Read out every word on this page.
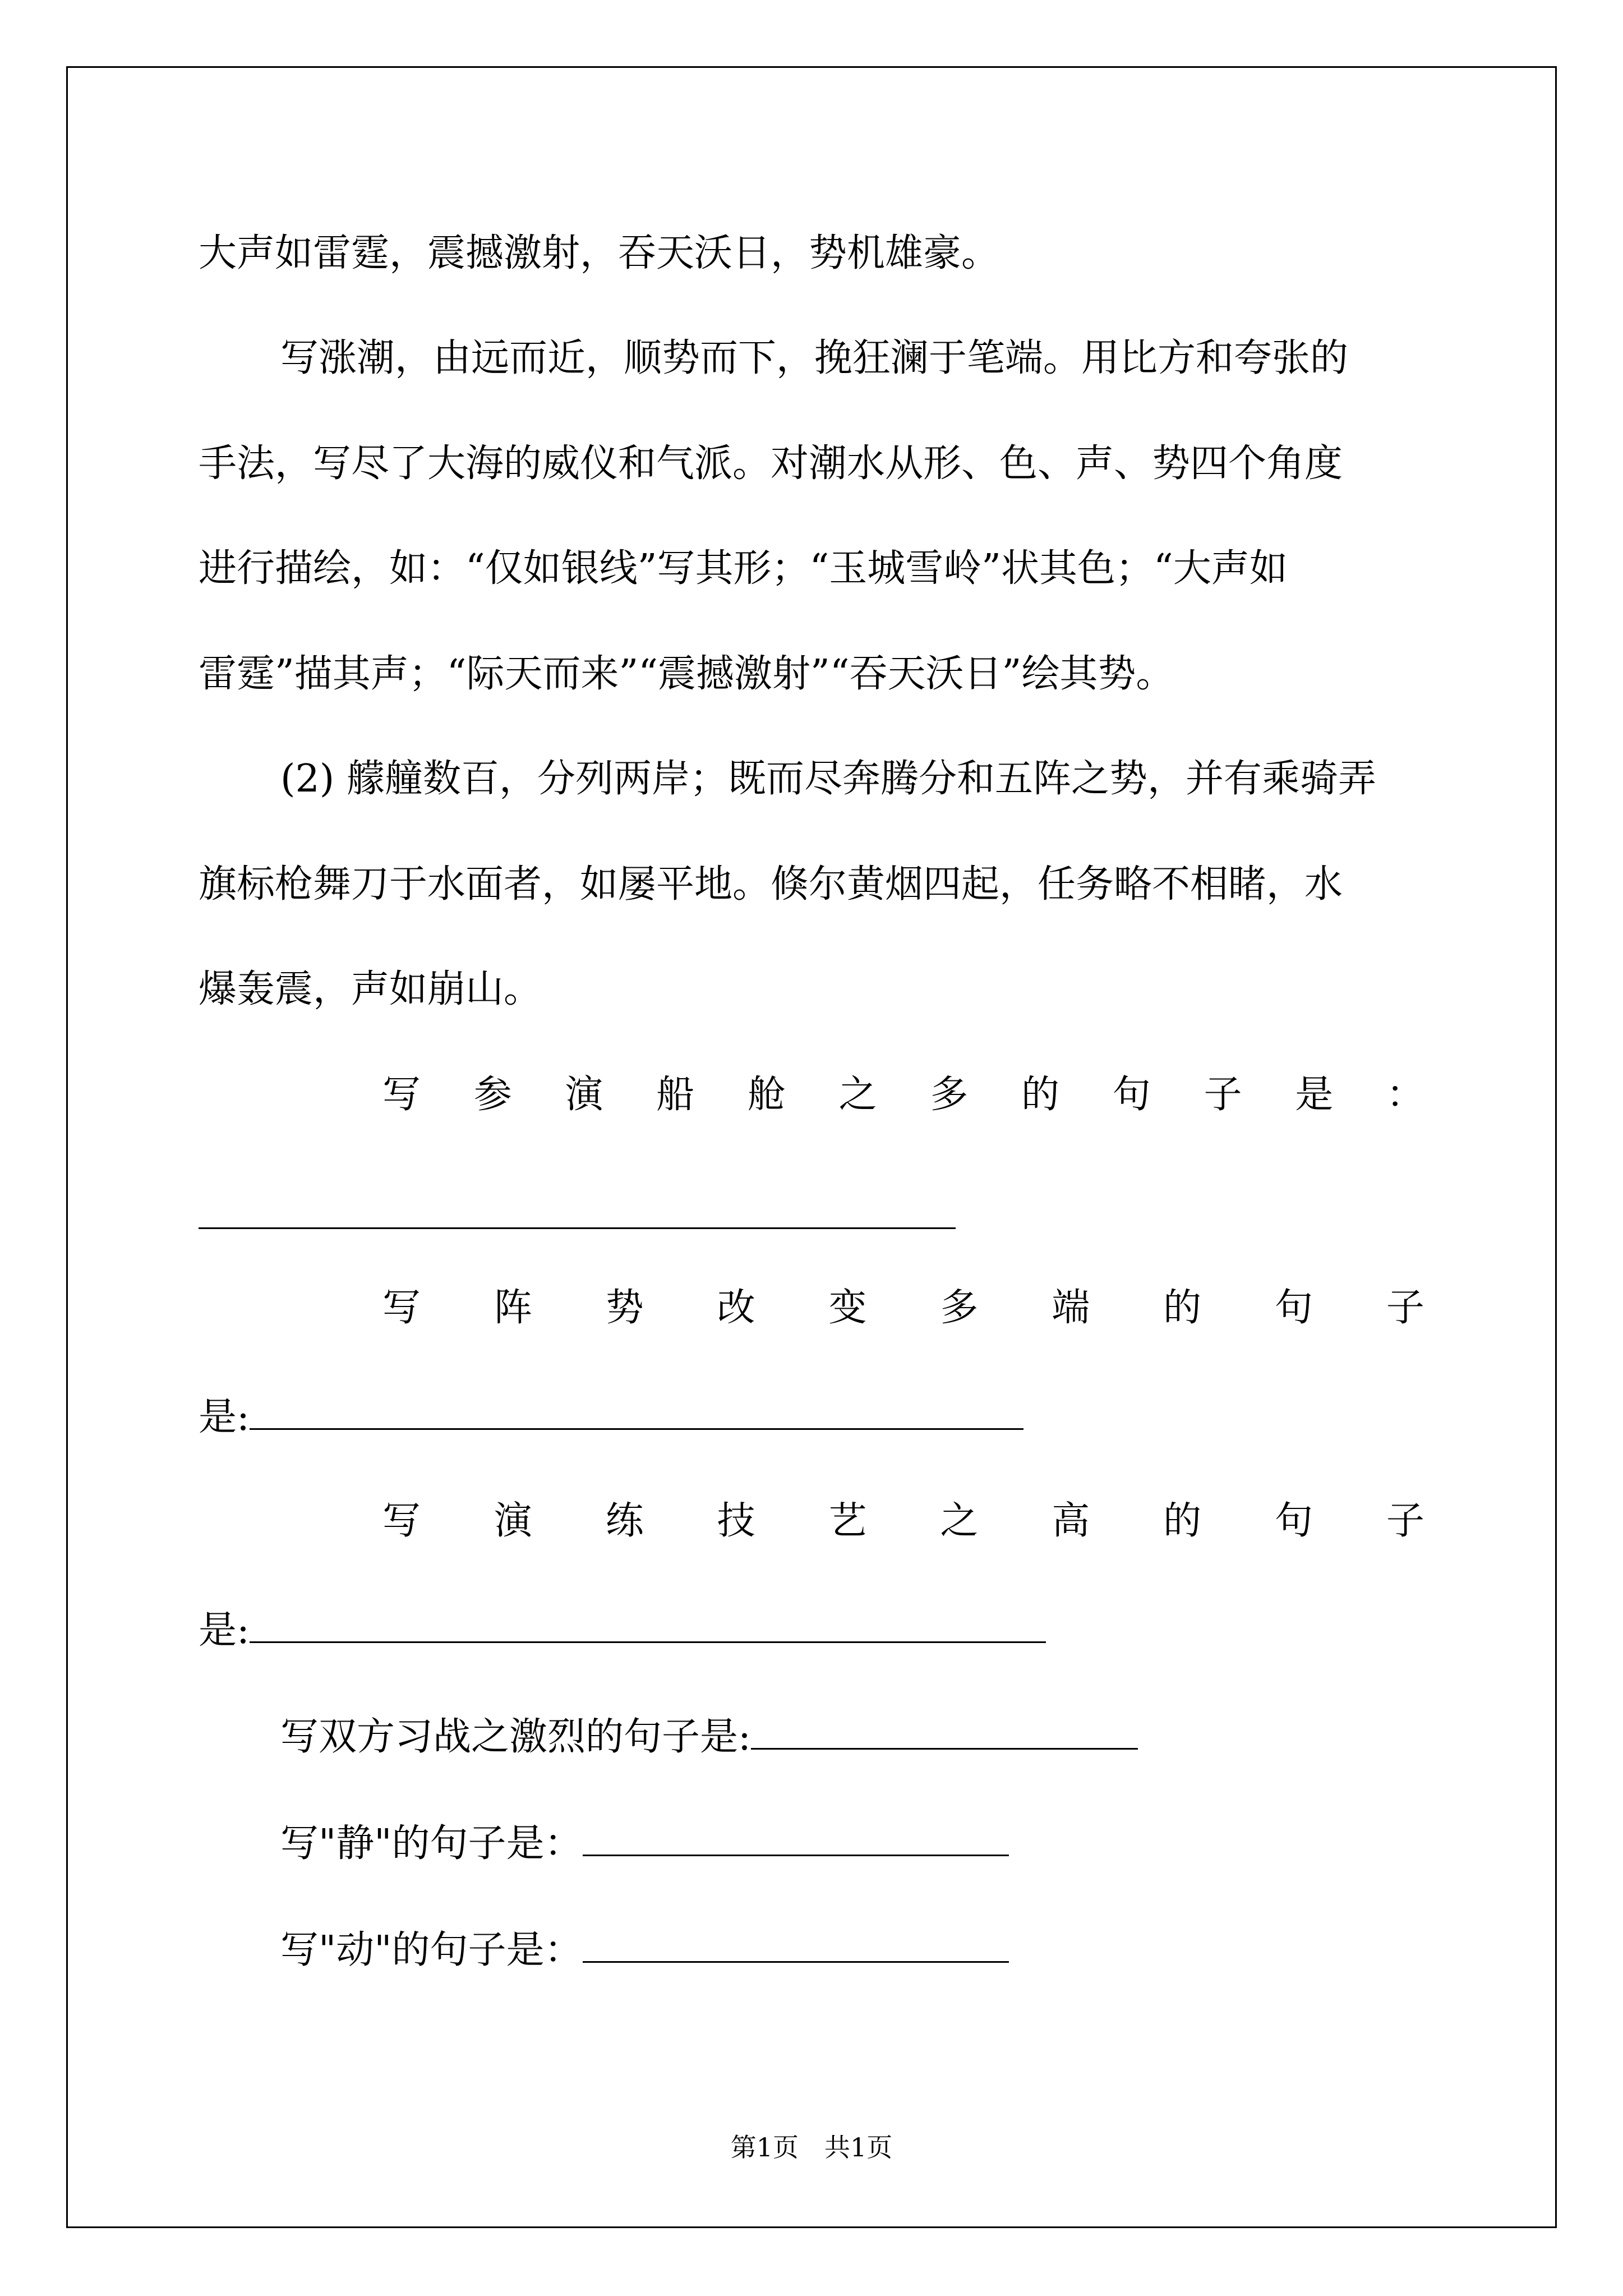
大声如雷霆，震撼激射，吞天沃日，势机雄豪。
写涨潮，由远而近，顺势而下，挽狂澜于笔端。用比方和夸张的
手法，写尽了大海的威仪和气派。对潮水从形、色、声、势四个角度
进行描绘，如：“仅如银线”写其形；“玉城雪岭”状其色；“大声如
雷霆”描其声；“际天而来”“震撼激射”“吞天沃日”绘其势。
(2) 艨艟数百，分列两岸；既而尽奔腾分和五阵之势，并有乘骑弄
旗标枪舞刀于水面者，如屡平地。倏尔黄烟四起，任务略不相睹，水
爆轰震，声如崩山。
写 参 演 船 舱 之 多 的 句 子 是 ：
写 阵 势 改 变 多 端 的 句 子
是:
写 演 练 技 艺 之 高 的 句 子
是:
写双方习战之激烈的句子是:
写"静"的句子是：
写"动"的句子是：
第1页　共1页
